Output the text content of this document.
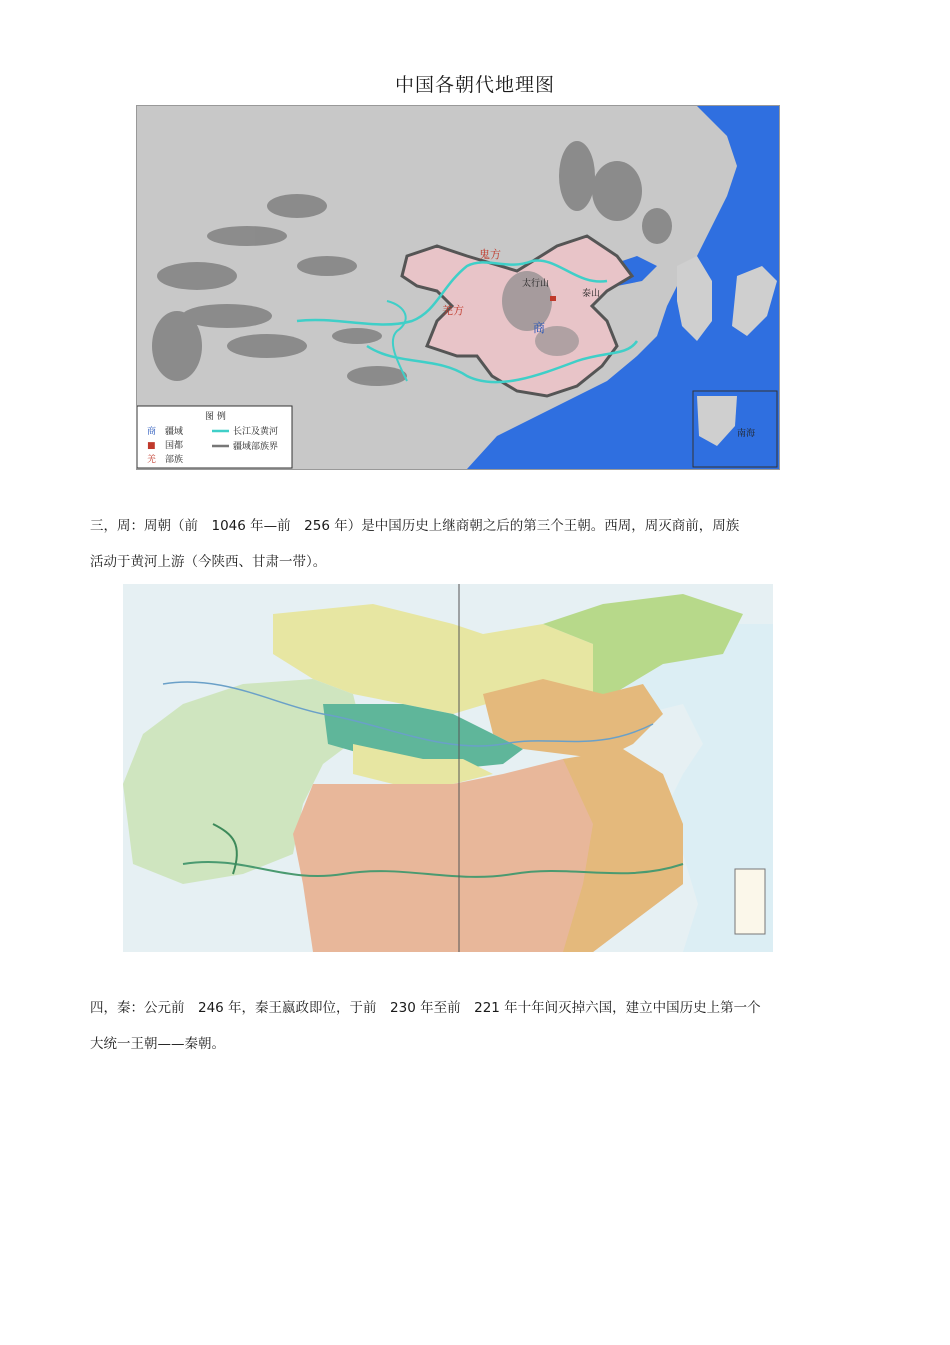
中国各朝代地理图
鬼方
羌方
太行山
泰山
商
南海
图 例
商 疆域
■ 国都
羌 部族
长江及黄河
疆域部族界
三，周：周朝（前　1046 年—前　256 年）是中国历史上继商朝之后的第三个王朝。西周，周灭商前，周族
活动于黄河上游（今陕西、甘肃一带）。
四，秦：公元前　246 年，秦王嬴政即位，于前　230 年至前　221 年十年间灭掉六国，建立中国历史上第一个
大统一王朝——秦朝。
